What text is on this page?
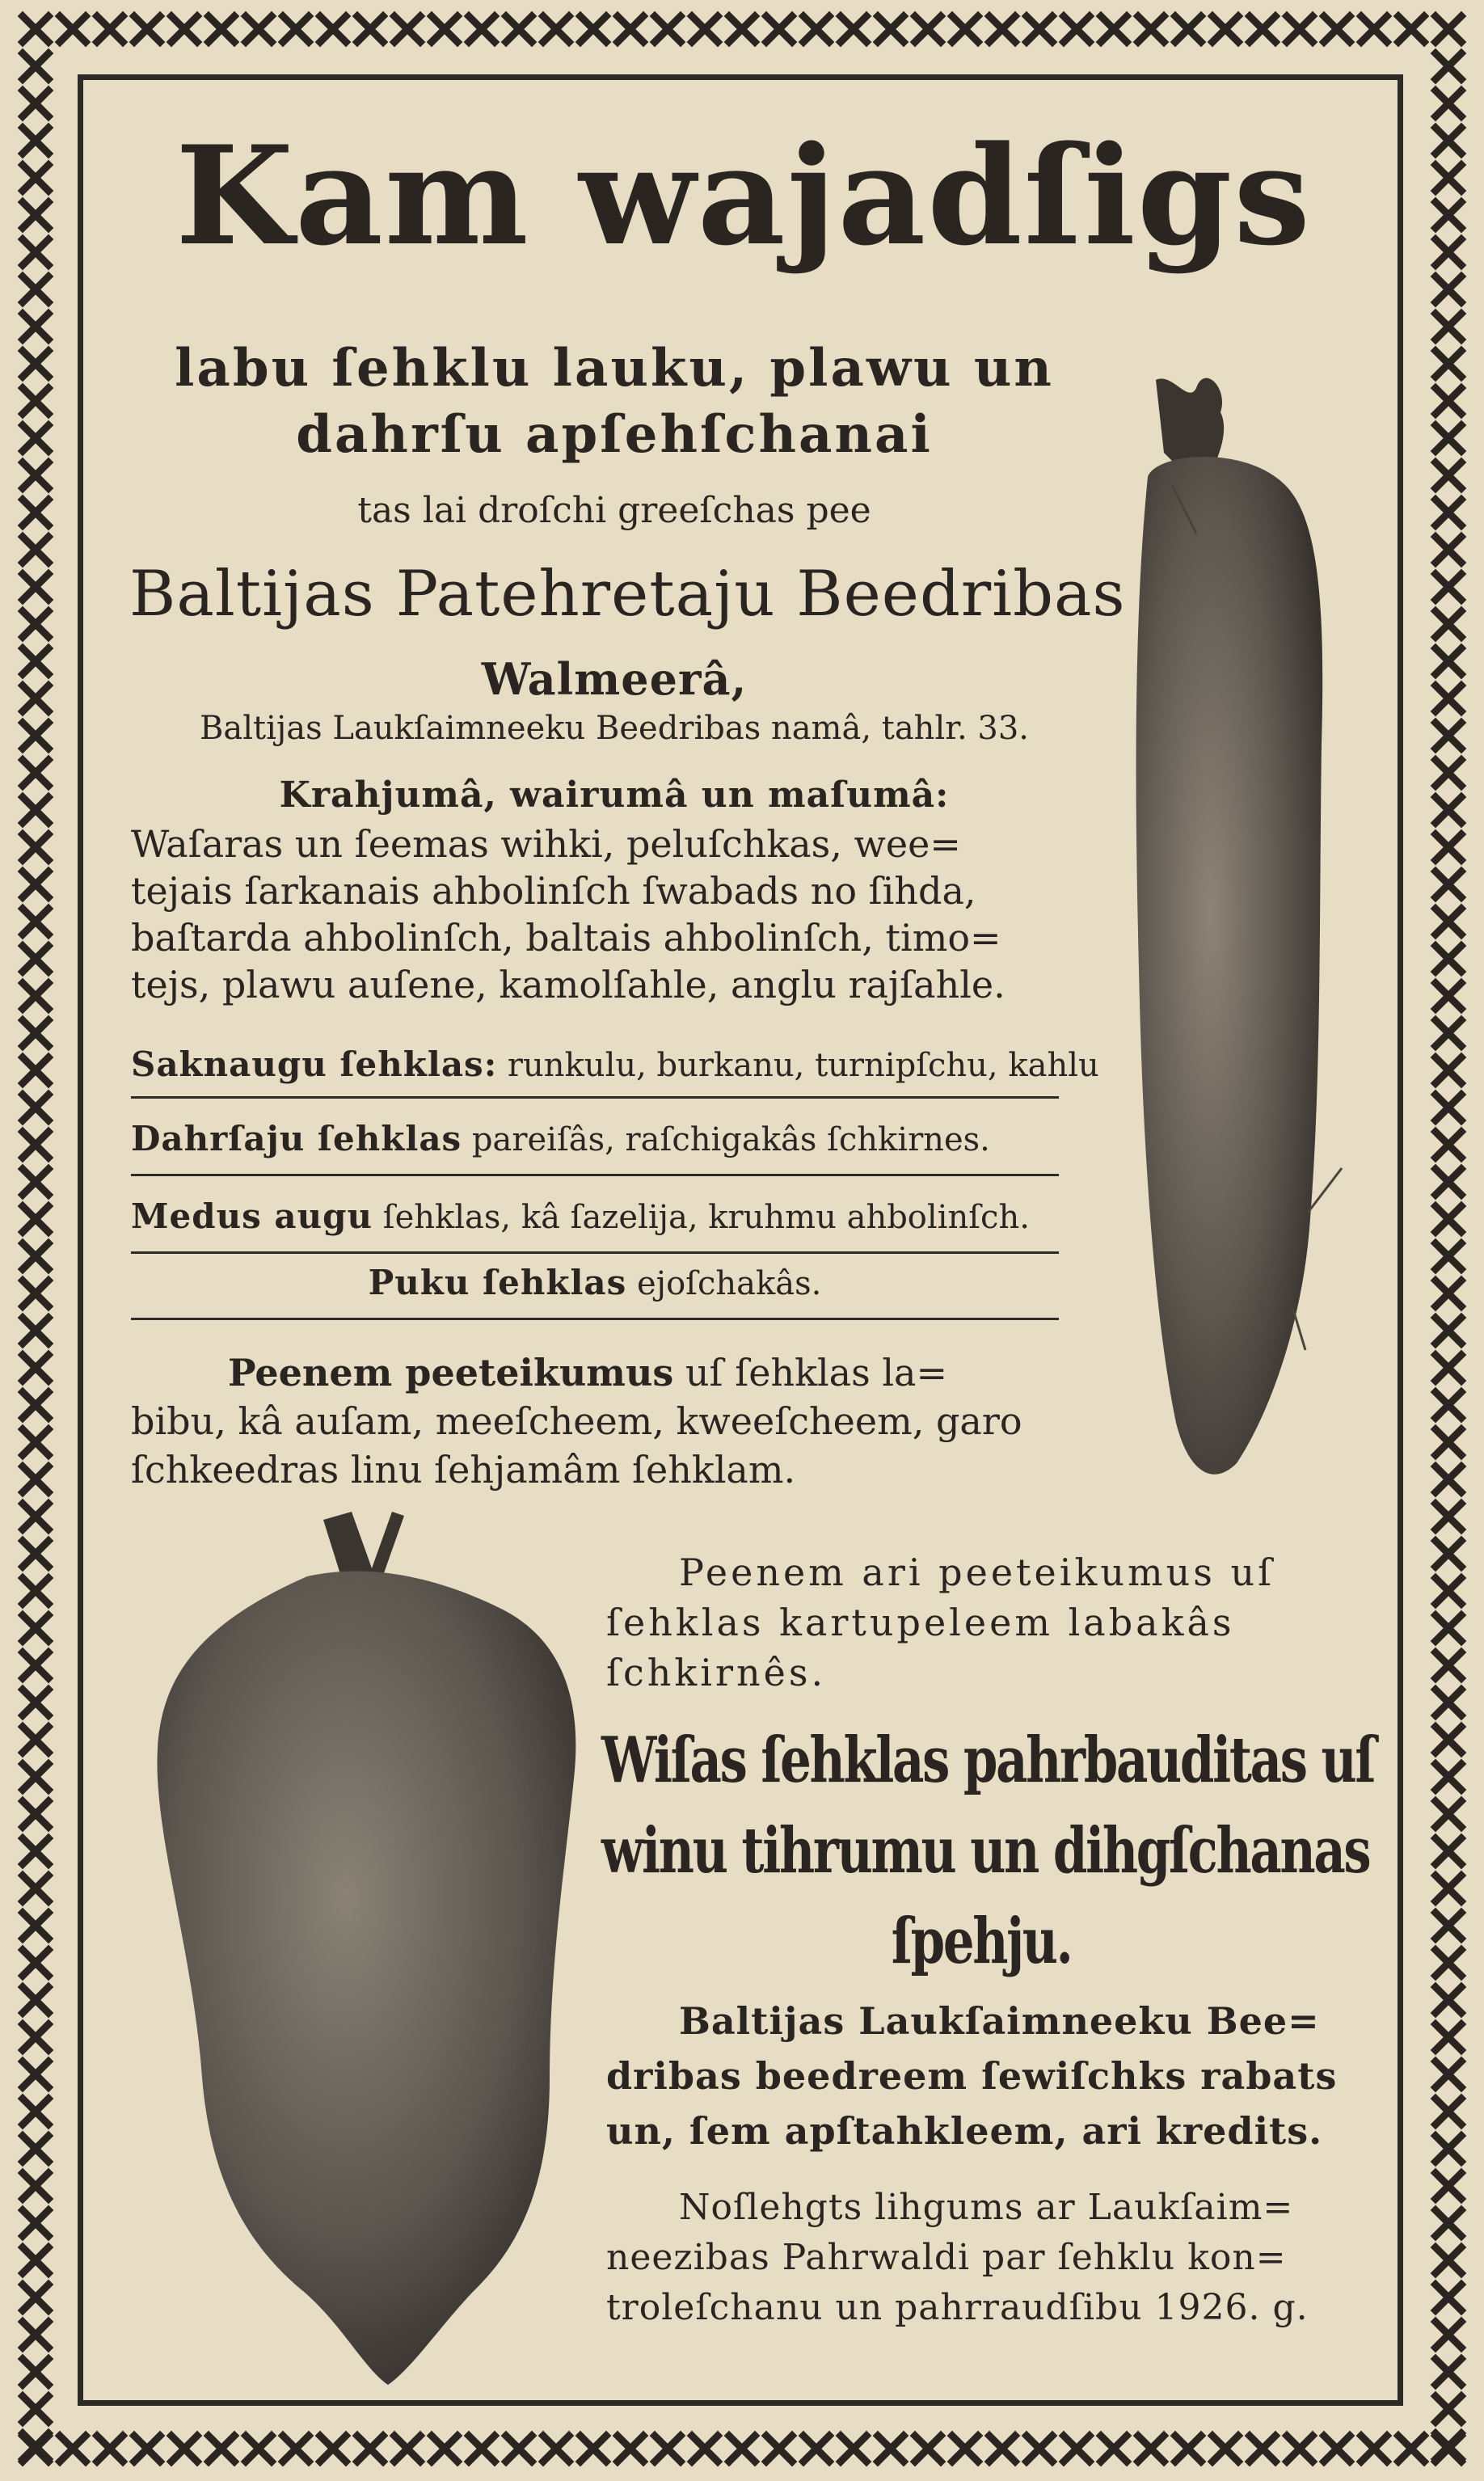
Kam wajadſigs
labu ſehklu lauku, plawu un
dahrſu apſehſchanai
tas lai droſchi greeſchas pee
Baltijas Patehretaju Beedribas
Walmeerâ,
Baltijas Laukſaimneeku Beedribas namâ, tahlr. 33.
Krahjumâ, wairumâ un maſumâ:
Waſaras un ſeemas wihki, peluſchkas, wee=
tejais ſarkanais ahbolinſch ſwabads no ſihda,
baſtarda ahbolinſch, baltais ahbolinſch, timo=
tejs, plawu auſene, kamolſahle, anglu rajſahle.
Saknaugu ſehklas: runkulu, burkanu, turnipſchu, kahlu
Dahrſaju ſehklas pareiſâs, raſchigakâs ſchkirnes.
Medus augu ſehklas, kâ ſazelija, kruhmu ahbolinſch.
Puku ſehklas ejoſchakâs.
Peenem peeteikumus uſ ſehklas la=
bibu, kâ auſam, meeſcheem, kweeſcheem, garo
ſchkeedras linu ſehjamâm ſehklam.
Peenem ari peeteikumus uſ
ſehklas kartupeleem labakâs
ſchkirnês.
Wiſas ſehklas pahrbauditas uſ
winu tihrumu un dihgſchanas
ſpehju.
Baltijas Laukſaimneeku Bee=
dribas beedreem ſewiſchks rabats
un, ſem apſtahkleem, ari kredits.
Noſlehgts lihgums ar Laukſaim=
neezibas Pahrwaldi par ſehklu kon=
troleſchanu un pahrraudſibu 1926. g.
